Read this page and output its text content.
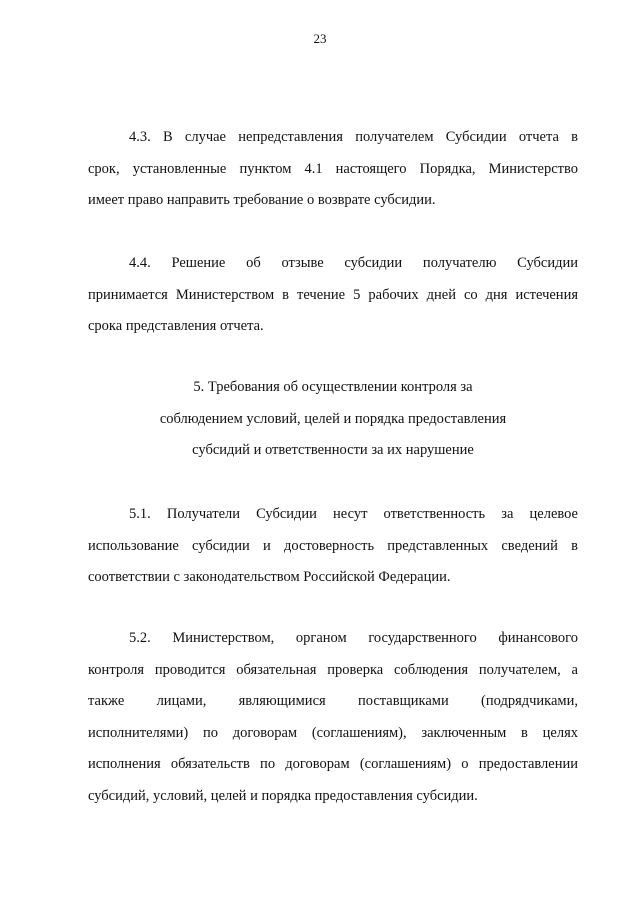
23
4.3. В случае непредставления получателем Субсидии отчета в
срок, установленные пунктом 4.1 настоящего Порядка, Министерство
имеет право направить требование о возврате субсидии.
4.4. Решение об отзыве субсидии получателю Субсидии
принимается Министерством в течение 5 рабочих дней со дня истечения
срока представления отчета.
5. Требования об осуществлении контроля за
соблюдением условий, целей и порядка предоставления
субсидий и ответственности за их нарушение
5.1. Получатели Субсидии несут ответственность за целевое
использование субсидии и достоверность представленных сведений в
соответствии с законодательством Российской Федерации.
5.2. Министерством, органом государственного финансового
контроля проводится обязательная проверка соблюдения получателем, а
также лицами, являющимися поставщиками (подрядчиками,
исполнителями) по договорам (соглашениям), заключенным в целях
исполнения обязательств по договорам (соглашениям) о предоставлении
субсидий, условий, целей и порядка предоставления субсидии.
